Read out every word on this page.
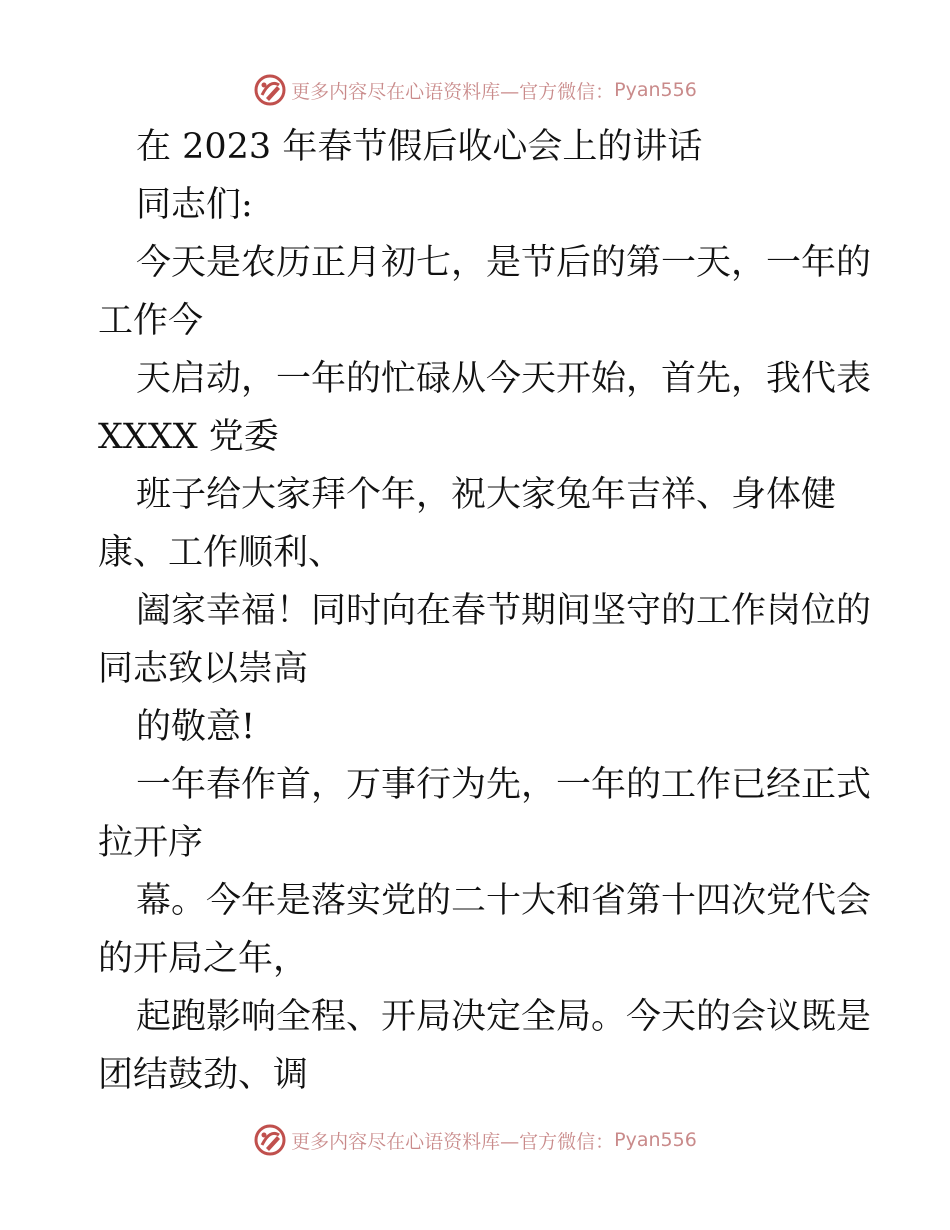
更多内容尽在心语资料库—官方微信： Pyan556
在 2023 年春节假后收心会上的讲话
同志们:
今天是农历正月初七，是节后的第一天，一年的
工作今
天启动，一年的忙碌从今天开始，首先，我代表
XXXX 党委
班子给大家拜个年，祝大家兔年吉祥、身体健
康、工作顺利、
阖家幸福！同时向在春节期间坚守的工作岗位的
同志致以崇高
的敬意!
一年春作首，万事行为先，一年的工作已经正式
拉开序
幕。今年是落实党的二十大和省第十四次党代会
的开局之年，
起跑影响全程、开局决定全局。今天的会议既是
团结鼓劲、调
更多内容尽在心语资料库—官方微信： Pyan556
